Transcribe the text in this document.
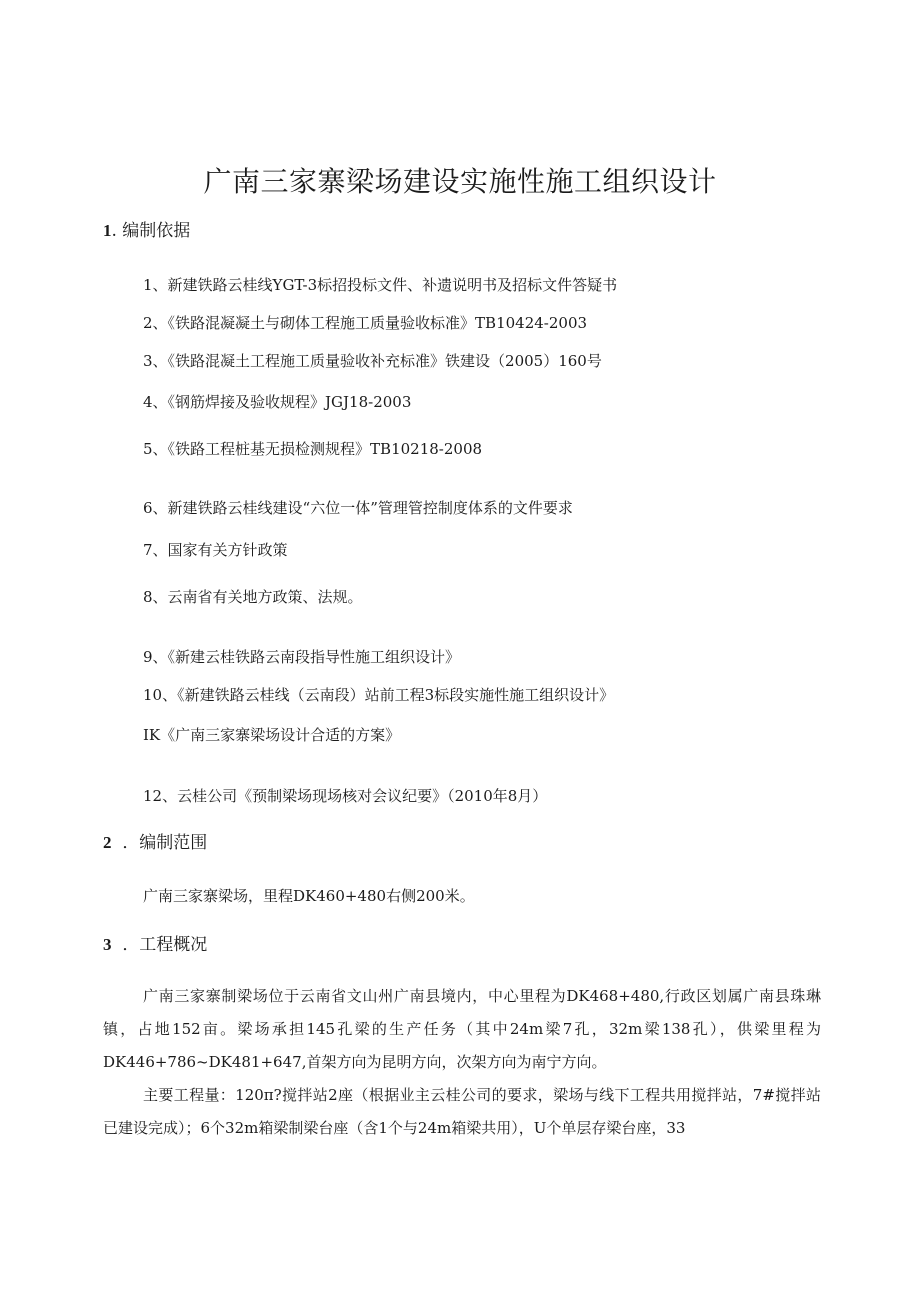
广南三家寨梁场建设实施性施工组织设计
1. 编制依据
1、新建铁路云桂线YGT-3标招投标文件、补遗说明书及招标文件答疑书
2、《铁路混凝凝土与砌体工程施工质量验收标准》TB10424-2003
3、《铁路混凝土工程施工质量验收补充标准》铁建设（2005）160号
4、《钢筋焊接及验收规程》JGJ18-2003
5、《铁路工程桩基无损检测规程》TB10218-2008
6、新建铁路云桂线建设“六位一体”管理管控制度体系的文件要求
7、国家有关方针政策
8、云南省有关地方政策、法规。
9、《新建云桂铁路云南段指导性施工组织设计》
10、《新建铁路云桂线（云南段）站前工程3标段实施性施工组织设计》
IK《广南三家寨梁场设计合适的方案》
12、云桂公司《预制梁场现场核对会议纪要》（2010年8月）
2 ．编制范围
广南三家寨梁场，里程DK460+480右侧200米。
3 ．工程概况
广南三家寨制梁场位于云南省文山州广南县境内，中心里程为DK468+480,行政区划属广南县珠琳镇，占地152亩。梁场承担145孔梁的生产任务（其中24m梁7孔，32m梁138孔），供梁里程为DK446+786~DK481+647,首架方向为昆明方向，次架方向为南宁方向。
主要工程量：120π?搅拌站2座（根据业主云桂公司的要求，梁场与线下工程共用搅拌站，7#搅拌站已建设完成）；6个32m箱梁制梁台座（含1个与24m箱梁共用），U个单层存梁台座，33
